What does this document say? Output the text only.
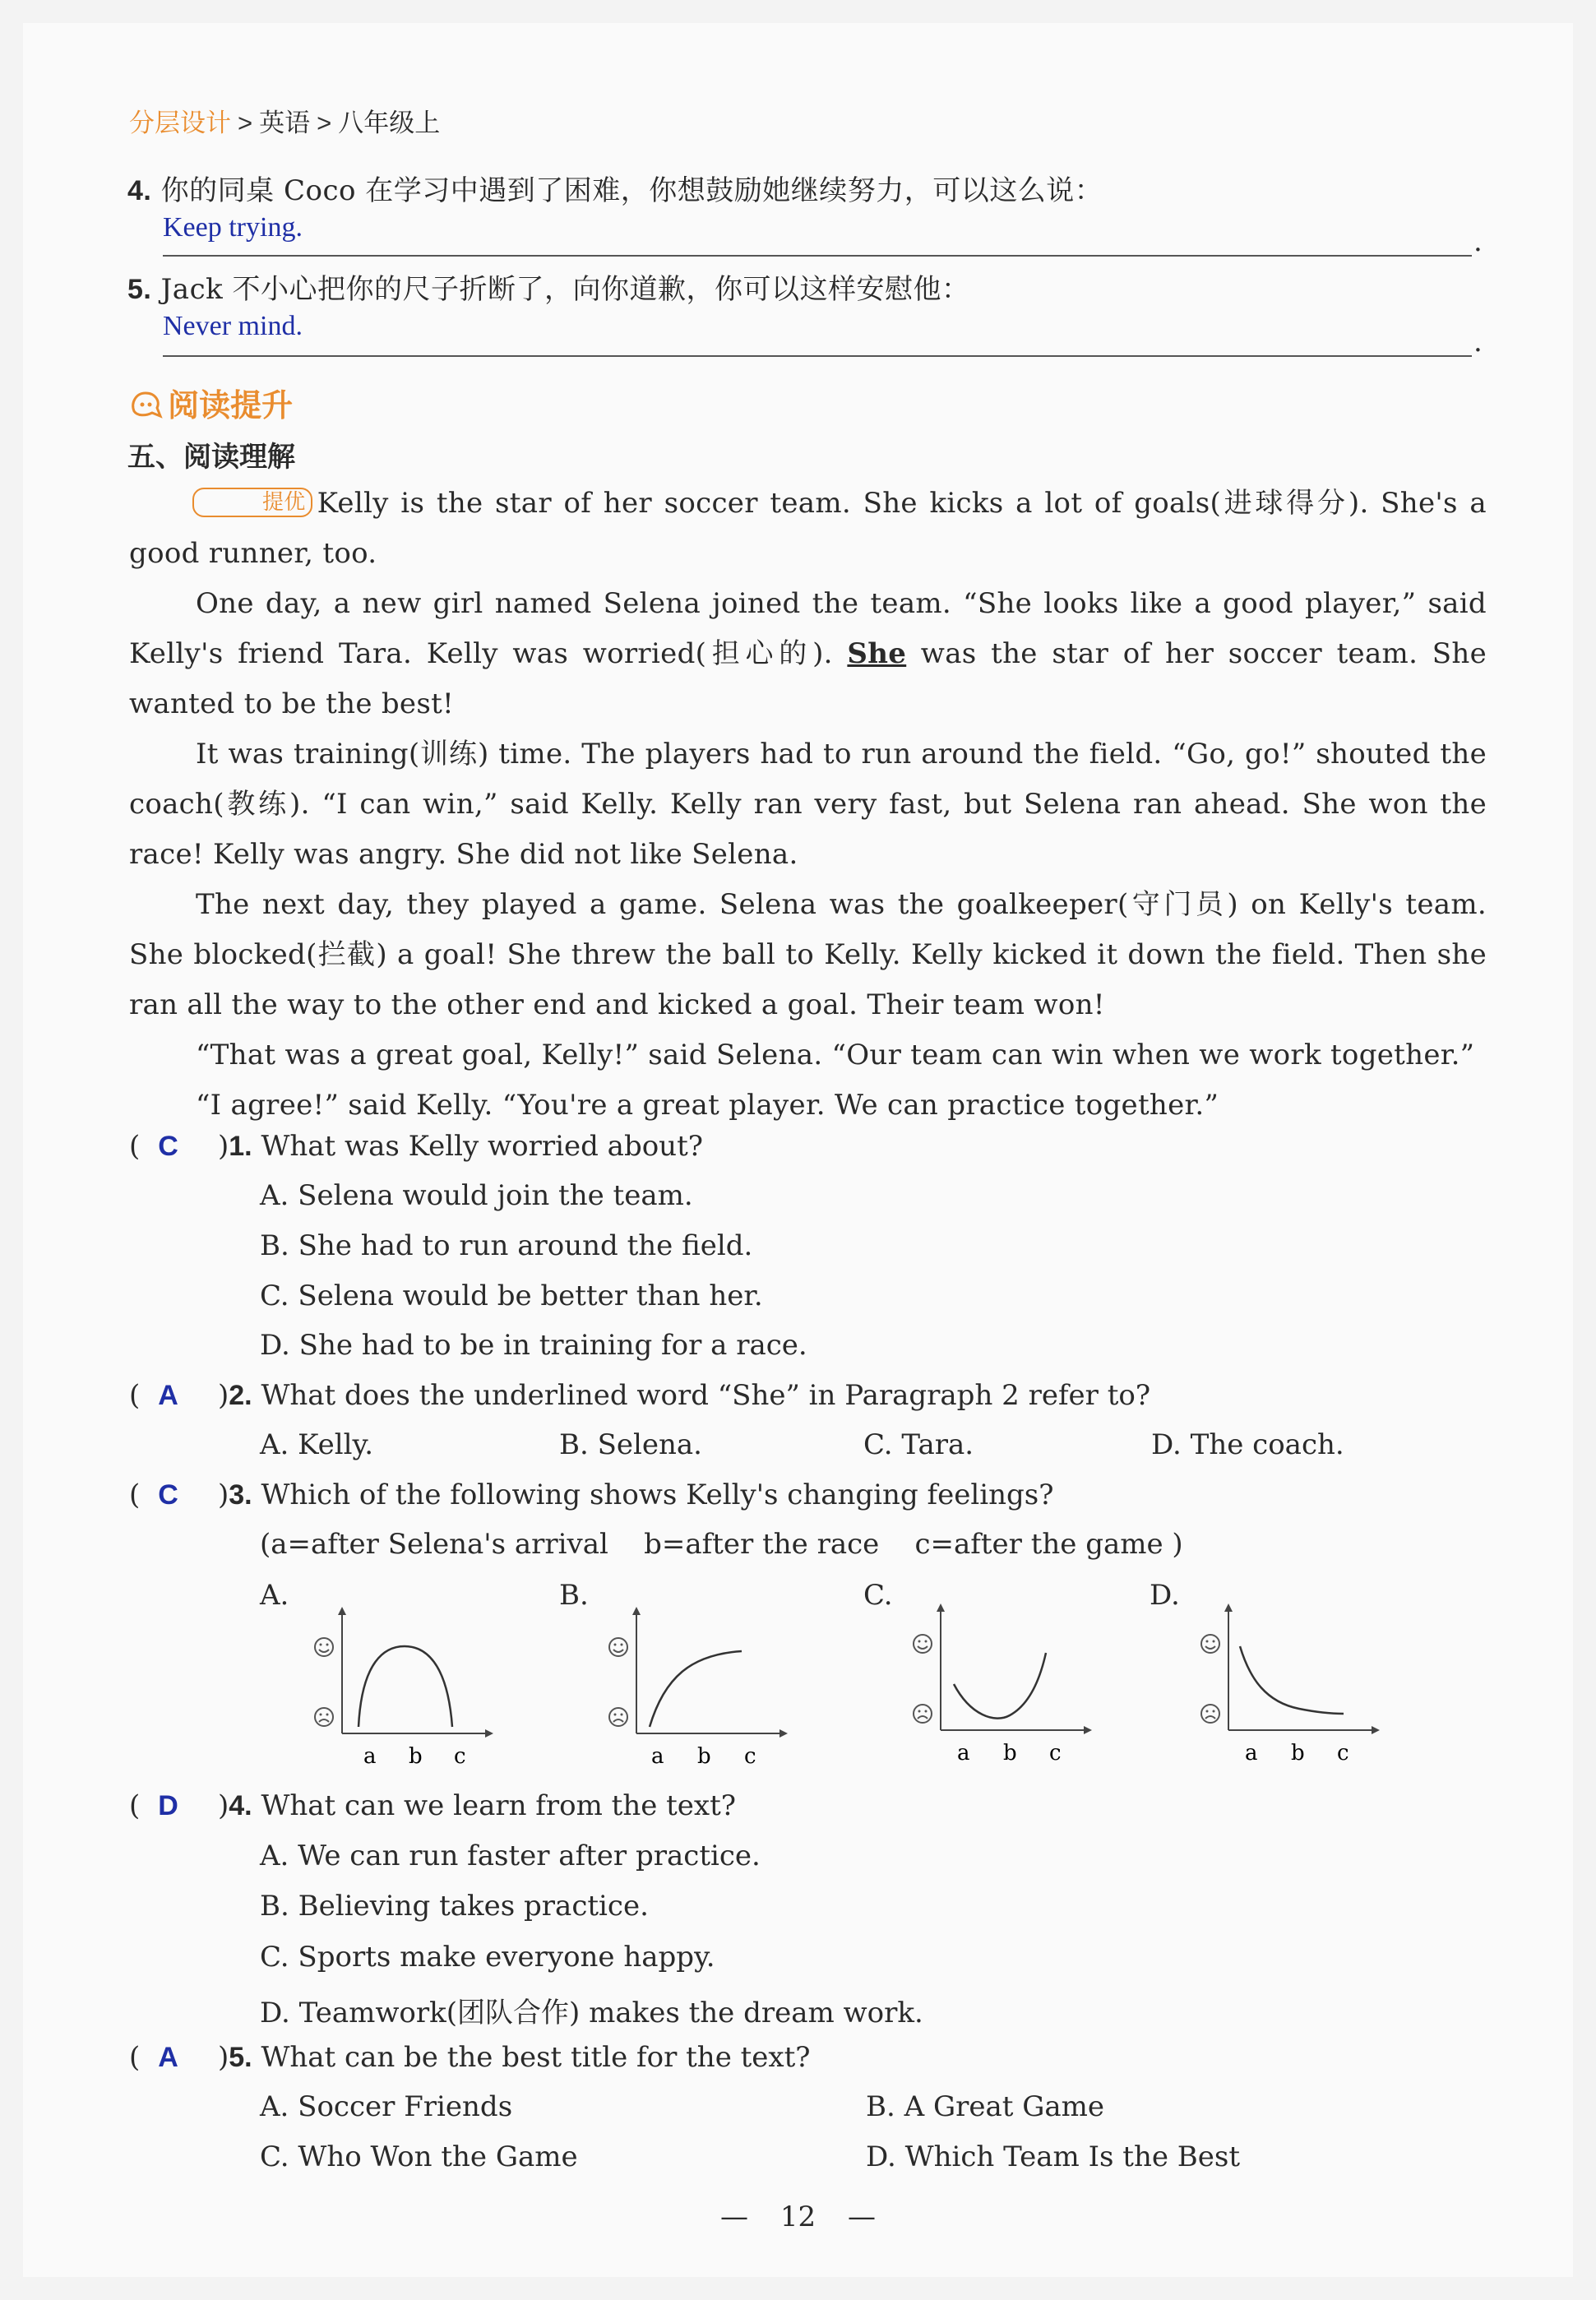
分层设计 > 英语 > 八年级上
4. 你的同桌 Coco 在学习中遇到了困难，你想鼓励她继续努力，可以这么说：
Keep trying.	.
5. Jack 不小心把你的尺子折断了，向你道歉，你可以这样安慰他：
Never mind.	.
阅读提升
五、阅读理解

提优 Kelly is the star of her soccer team. She kicks a lot of goals(进球得分). She's a good runner, too.

One day, a new girl named Selena joined the team. “She looks like a good player,” said Kelly's friend Tara. Kelly was worried(担心的). She was the star of her soccer team. She wanted to be the best!

It was training(训练) time. The players had to run around the field. “Go, go!” shouted the coach(教练). “I can win,” said Kelly. Kelly ran very fast, but Selena ran ahead. She won the race! Kelly was angry. She did not like Selena.

The next day, they played a game. Selena was the goalkeeper(守门员) on Kelly's team. She blocked(拦截) a goal! She threw the ball to Kelly. Kelly kicked it down the field. Then she ran all the way to the other end and kicked a goal. Their team won!

“That was a great goal, Kelly!” said Selena. “Our team can win when we work together.”

“I agree!” said Kelly. “You're a great player. We can practice together.”

( C )1. What was Kelly worried about?
A. Selena would join the team.
B. She had to run around the field.
C. Selena would be better than her.
D. She had to be in training for a race.
( A )2. What does the underlined word “She” in Paragraph 2 refer to?
A. Kelly.	B. Selena.	C. Tara.	D. The coach.
( C )3. Which of the following shows Kelly's changing feelings?
(a=after Selena's arrival    b=after the race    c=after the game )
A.	B.	C.	D.
a b c	a b c	a b c	a b c
( D )4. What can we learn from the text?
A. We can run faster after practice.
B. Believing takes practice.
C. Sports make everyone happy.
D. Teamwork(团队合作) makes the dream work.
( A )5. What can be the best title for the text?
A. Soccer Friends	B. A Great Game
C. Who Won the Game	D. Which Team Is the Best
— 12 —
